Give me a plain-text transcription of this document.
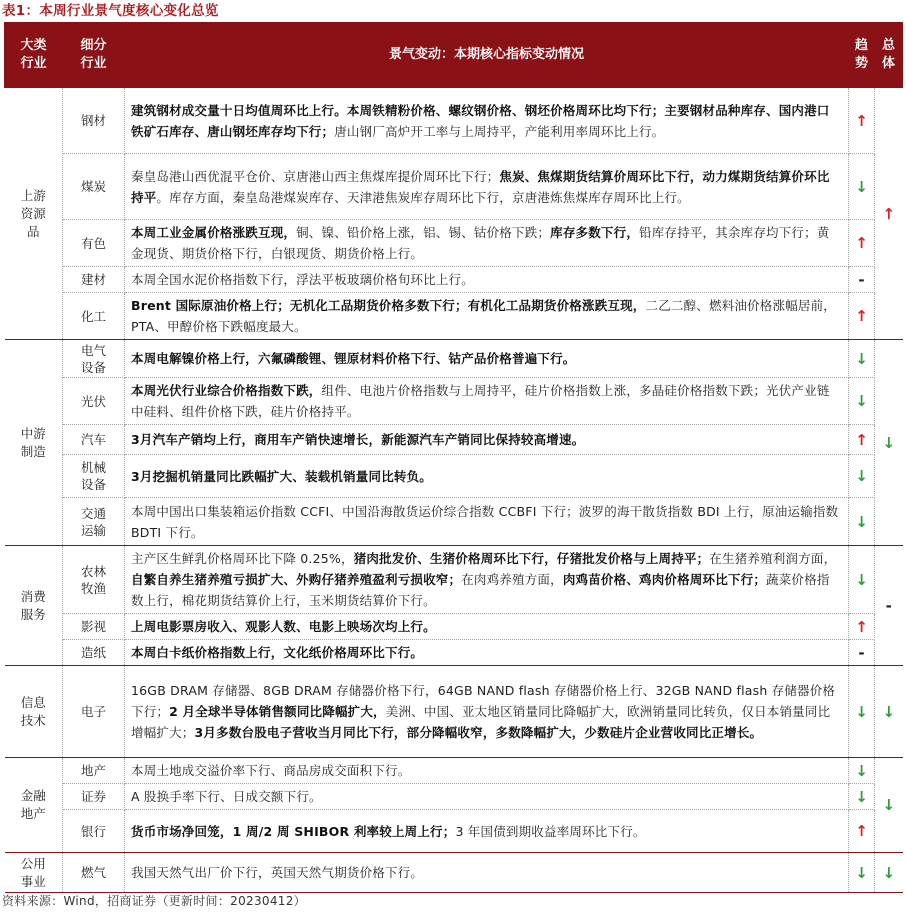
表1：本周行业景气度核心变化总览
大类行业	细分行业	景气变动：本期核心指标变动情况	趋势	总体
上游资源品	钢材	建筑钢材成交量十日均值周环比上行。本周铁精粉价格、螺纹钢价格、钢坯价格周环比均下行；主要钢材品种库存、国内港口铁矿石库存、唐山钢坯库存均下行；唐山钢厂高炉开工率与上周持平，产能利用率周环比上行。	↑	↑
	煤炭	秦皇岛港山西优混平仓价、京唐港山西主焦煤库提价周环比下行；焦炭、焦煤期货结算价周环比下行，动力煤期货结算价环比持平。库存方面，秦皇岛港煤炭库存、天津港焦炭库存周环比下行，京唐港炼焦煤库存周环比上行。	↓	
	有色	本周工业金属价格涨跌互现，铜、镍、铅价格上涨，铝、锡、钴价格下跌；库存多数下行，铅库存持平，其余库存均下行；黄金现货、期货价格下行，白银现货、期货价格上行。	↑	
	建材	本周全国水泥价格指数下行，浮法平板玻璃价格旬环比上行。	-	
	化工	Brent 国际原油价格上行；无机化工品期货价格多数下行；有机化工品期货价格涨跌互现，二乙二醇、燃料油价格涨幅居前，PTA、甲醇价格下跌幅度最大。	↑	
中游制造	电气设备	本周电解镍价格上行，六氟磷酸锂、锂原材料价格下行、钴产品价格普遍下行。	↓	↓
	光伏	本周光伏行业综合价格指数下跌，组件、电池片价格指数与上周持平，硅片价格指数上涨，多晶硅价格指数下跌；光伏产业链中硅料、组件价格下跌，硅片价格持平。	↓	
	汽车	3月汽车产销均上行，商用车产销快速增长，新能源汽车产销同比保持较高增速。	↑	
	机械设备	3月挖掘机销量同比跌幅扩大、装载机销量同比转负。	↓	
	交通运输	本周中国出口集装箱运价指数 CCFI、中国沿海散货运价综合指数 CCBFI 下行；波罗的海干散货指数 BDI 上行，原油运输指数 BDTI 下行。	↓	
消费服务	农林牧渔	主产区生鲜乳价格周环比下降 0.25%，猪肉批发价、生猪价格周环比下行，仔猪批发价格与上周持平；在生猪养殖利润方面，自繁自养生猪养殖亏损扩大、外购仔猪养殖盈利亏损收窄；在肉鸡养殖方面，肉鸡苗价格、鸡肉价格周环比下行；蔬菜价格指数上行，棉花期货结算价上行，玉米期货结算价下行。	↓	-
	影视	上周电影票房收入、观影人数、电影上映场次均上行。	↑	
	造纸	本周白卡纸价格指数上行，文化纸价格周环比下行。	-	
信息技术	电子	16GB DRAM 存储器、8GB DRAM 存储器价格下行，64GB NAND flash 存储器价格上行、32GB NAND flash 存储器价格下行；2 月全球半导体销售额同比降幅扩大，美洲、中国、亚太地区销量同比降幅扩大，欧洲销量同比转负，仅日本销量同比增幅扩大；3月多数台股电子营收当月同比下行，部分降幅收窄，多数降幅扩大，少数硅片企业营收同比正增长。	↓	↓
金融地产	地产	本周土地成交溢价率下行、商品房成交面积下行。	↓	↓
	证券	A 股换手率下行、日成交额下行。	↓	
	银行	货币市场净回笼，1 周/2 周 SHIBOR 利率较上周上行；3 年国债到期收益率周环比下行。	↑	
公用事业	燃气	我国天然气出厂价下行，英国天然气期货价格下行。	↓	↓
资料来源：Wind，招商证券（更新时间：20230412）
